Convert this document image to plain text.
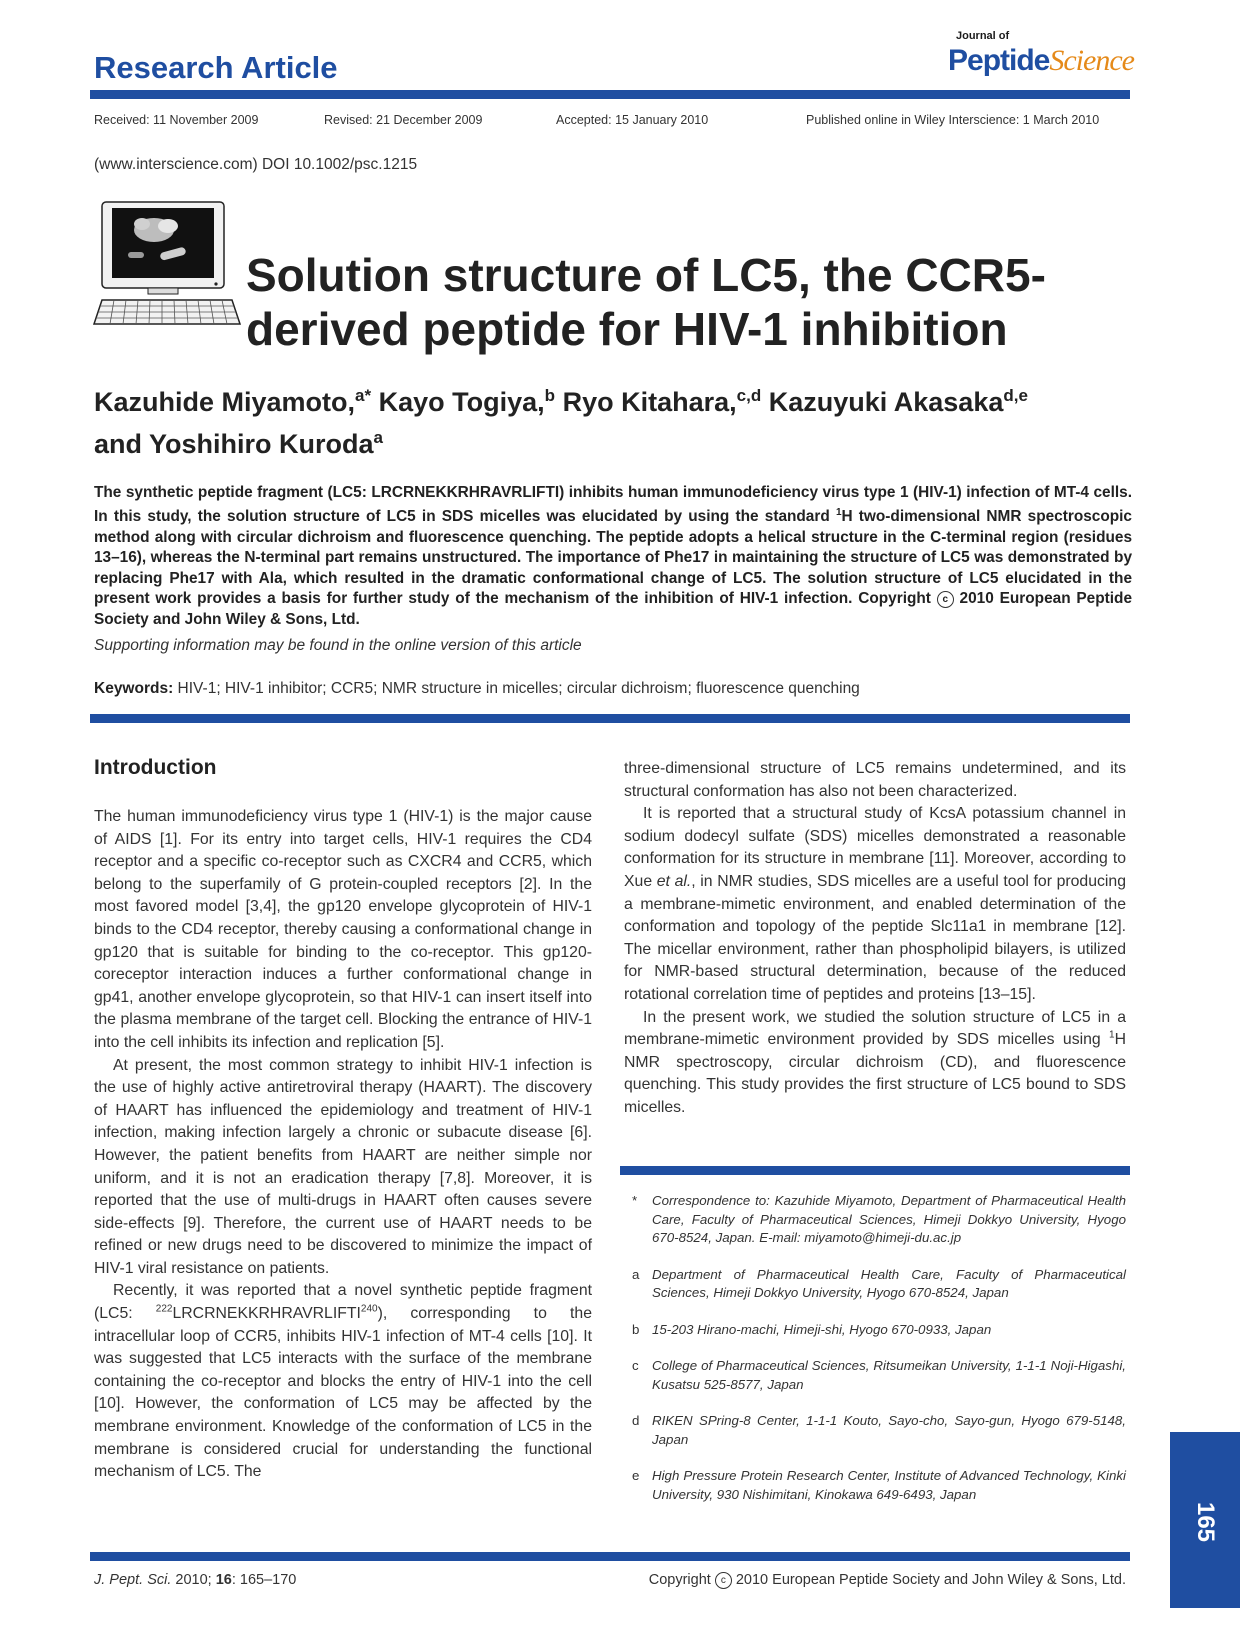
Research Article
Journal of
PeptideScience
Received: 11 November 2009	Revised: 21 December 2009	Accepted: 15 January 2010	Published online in Wiley Interscience: 1 March 2010
(www.interscience.com) DOI 10.1002/psc.1215
Solution structure of LC5, the CCR5-derived peptide for HIV-1 inhibition
Kazuhide Miyamoto,$^{a*}$ Kayo Togiya,$^b$ Ryo Kitahara,$^{c,d}$ Kazuyuki Akasaka$^{d,e}$
and Yoshihiro Kuroda$^a$
The synthetic peptide fragment (LC5: LRCRNEKKRHRAVRLIFTI) inhibits human immunodeficiency virus type 1 (HIV-1) infection of MT-4 cells. In this study, the solution structure of LC5 in SDS micelles was elucidated by using the standard $^1$H two-dimensional NMR spectroscopic method along with circular dichroism and fluorescence quenching. The peptide adopts a helical structure in the C-terminal region (residues 13–16), whereas the N-terminal part remains unstructured. The importance of Phe17 in maintaining the structure of LC5 was demonstrated by replacing Phe17 with Ala, which resulted in the dramatic conformational change of LC5. The solution structure of LC5 elucidated in the present work provides a basis for further study of the mechanism of the inhibition of HIV-1 infection. Copyright c 2010 European Peptide Society and John Wiley & Sons, Ltd.
Supporting information may be found in the online version of this article
Keywords: HIV-1; HIV-1 inhibitor; CCR5; NMR structure in micelles; circular dichroism; fluorescence quenching
Introduction

The human immunodeficiency virus type 1 (HIV-1) is the major cause of AIDS [1]. For its entry into target cells, HIV-1 requires the CD4 receptor and a specific co-receptor such as CXCR4 and CCR5, which belong to the superfamily of G protein-coupled receptors [2]. In the most favored model [3,4], the gp120 envelope glycoprotein of HIV-1 binds to the CD4 receptor, thereby causing a conformational change in gp120 that is suitable for binding to the co-receptor. This gp120-coreceptor interaction induces a further conformational change in gp41, another envelope glycoprotein, so that HIV-1 can insert itself into the plasma membrane of the target cell. Blocking the entrance of HIV-1 into the cell inhibits its infection and replication [5].

At present, the most common strategy to inhibit HIV-1 infection is the use of highly active antiretroviral therapy (HAART). The discovery of HAART has influenced the epidemiology and treatment of HIV-1 infection, making infection largely a chronic or subacute disease [6]. However, the patient benefits from HAART are neither simple nor uniform, and it is not an eradication therapy [7,8]. Moreover, it is reported that the use of multi-drugs in HAART often causes severe side-effects [9]. Therefore, the current use of HAART needs to be refined or new drugs need to be discovered to minimize the impact of HIV-1 viral resistance on patients.

Recently, it was reported that a novel synthetic peptide fragment (LC5: $^{222}$LRCRNEKKRHRAVRLIFTI$^{240}$), corresponding to the intracellular loop of CCR5, inhibits HIV-1 infection of MT-4 cells [10]. It was suggested that LC5 interacts with the surface of the membrane containing the co-receptor and blocks the entry of HIV-1 into the cell [10]. However, the conformation of LC5 may be affected by the membrane environment. Knowledge of the conformation of LC5 in the membrane is considered crucial for understanding the functional mechanism of LC5. The

three-dimensional structure of LC5 remains undetermined, and its structural conformation has also not been characterized.

It is reported that a structural study of KcsA potassium channel in sodium dodecyl sulfate (SDS) micelles demonstrated a reasonable conformation for its structure in membrane [11]. Moreover, according to Xue et al., in NMR studies, SDS micelles are a useful tool for producing a membrane-mimetic environment, and enabled determination of the conformation and topology of the peptide Slc11a1 in membrane [12]. The micellar environment, rather than phospholipid bilayers, is utilized for NMR-based structural determination, because of the reduced rotational correlation time of peptides and proteins [13–15].

In the present work, we studied the solution structure of LC5 in a membrane-mimetic environment provided by SDS micelles using $^1$H NMR spectroscopy, circular dichroism (CD), and fluorescence quenching. This study provides the first structure of LC5 bound to SDS micelles.

* Correspondence to: Kazuhide Miyamoto, Department of Pharmaceutical Health Care, Faculty of Pharmaceutical Sciences, Himeji Dokkyo University, Hyogo 670-8524, Japan. E-mail: miyamoto@himeji-du.ac.jp
a Department of Pharmaceutical Health Care, Faculty of Pharmaceutical Sciences, Himeji Dokkyo University, Hyogo 670-8524, Japan
b 15-203 Hirano-machi, Himeji-shi, Hyogo 670-0933, Japan
c College of Pharmaceutical Sciences, Ritsumeikan University, 1-1-1 Noji-Higashi, Kusatsu 525-8577, Japan
d RIKEN SPring-8 Center, 1-1-1 Kouto, Sayo-cho, Sayo-gun, Hyogo 679-5148, Japan
e High Pressure Protein Research Center, Institute of Advanced Technology, Kinki University, 930 Nishimitani, Kinokawa 649-6493, Japan
165
J. Pept. Sci. 2010; 16: 165–170	Copyright c 2010 European Peptide Society and John Wiley & Sons, Ltd.
